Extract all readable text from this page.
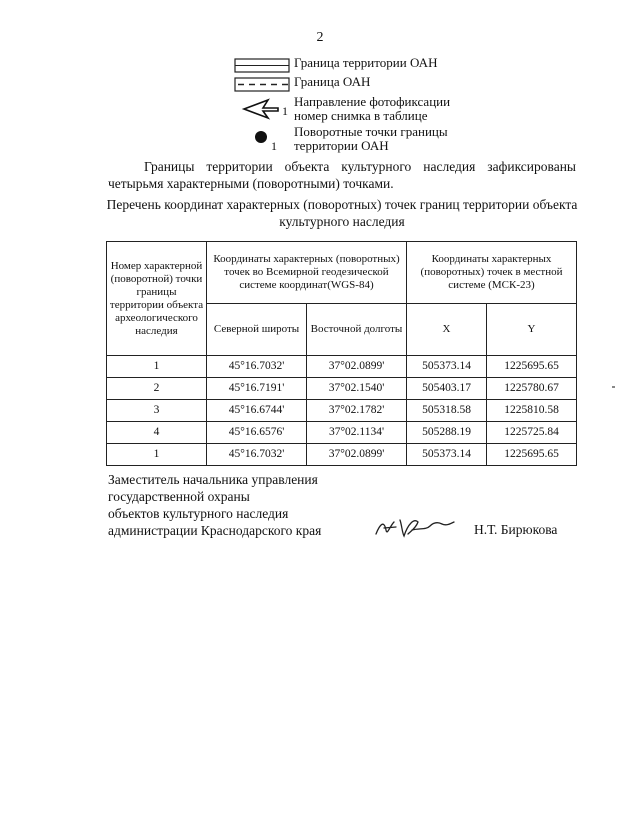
2
Граница территории ОАН
Граница ОАН
1
Направление фотофиксации
номер снимка в таблице
1
Поворотные точки границы
территории ОАН
Границы территории объекта культурного наследия зафиксированы четырьмя характерными (поворотными) точками.
Перечень координат характерных (поворотных) точек границ территории объекта культурного наследия
Номер характерной (поворотной) точки границы территории объекта археологического наследия	Координаты характерных (поворотных) точек во Всемирной геодезической системе координат(WGS-84)		Координаты характерных (поворотных) точек в местной системе (МСК-23)	
	Северной широты	Восточной долготы	X	Y
1	45°16.7032'	37°02.0899'	505373.14	1225695.65
2	45°16.7191'	37°02.1540'	505403.17	1225780.67
3	45°16.6744'	37°02.1782'	505318.58	1225810.58
4	45°16.6576'	37°02.1134'	505288.19	1225725.84
1	45°16.7032'	37°02.0899'	505373.14	1225695.65
Заместитель начальника управления
государственной охраны
объектов культурного наследия
администрации Краснодарского края	Н.Т. Бирюкова
